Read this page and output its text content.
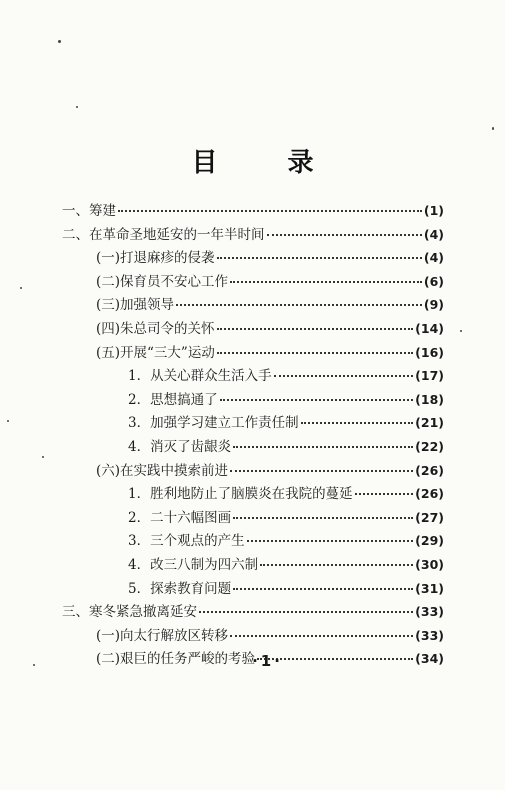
目　录
一、筹建	(1)
二、在革命圣地延安的一年半时间	(4)
(一)打退麻疹的侵袭	(4)
(二)保育员不安心工作	(6)
(三)加强领导	(9)
(四)朱总司令的关怀	(14)
(五)开展“三大”运动	(16)
1．从关心群众生活入手	(17)
2．思想搞通了	(18)
3．加强学习建立工作责任制	(21)
4．消灭了齿龈炎	(22)
(六)在实践中摸索前进	(26)
1．胜利地防止了脑膜炎在我院的蔓延	(26)
2．二十六幅图画	(27)
3．三个观点的产生	(29)
4．改三八制为四六制	(30)
5．探索教育问题	(31)
三、寒冬紧急撤离延安	(33)
(一)向太行解放区转移	(33)
(二)艰巨的任务严峻的考验	(34)
·1·
